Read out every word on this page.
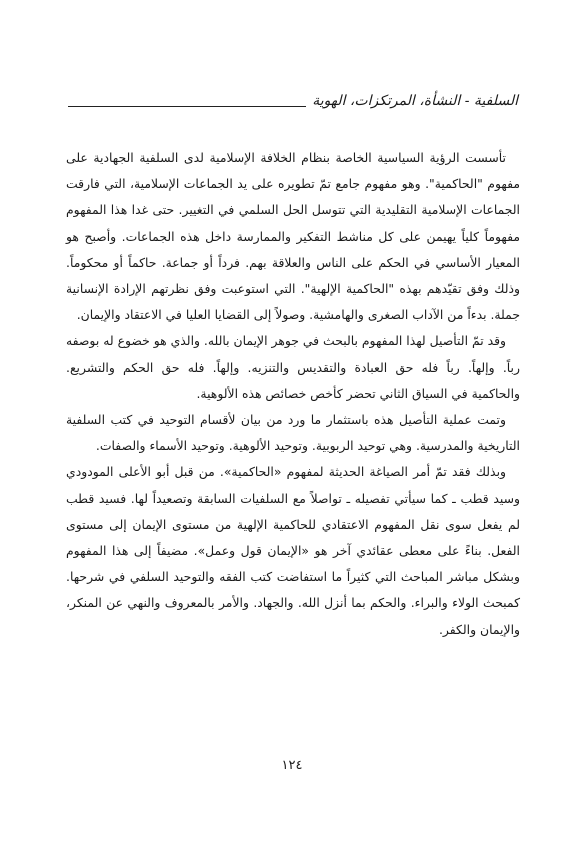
السلفية - النشأة، المرتكزات، الهوية

تأسست الرؤية السياسية الخاصة بنظام الخلافة الإسلامية لدى السلفية الجهادية على مفهوم "الحاكمية". وهو مفهوم جامع تمّ تطويره على يد الجماعات الإسلامية، التي فارقت الجماعات الإسلامية التقليدية التي تتوسل الحل السلمي في التغيير. حتى غدا هذا المفهوم مفهوماً كلياً يهيمن على كل مناشط التفكير والممارسة داخل هذه الجماعات. وأصبح هو المعيار الأساسي في الحكم على الناس والعلاقة بهم. فرداً أو جماعة. حاكماً أو محكوماً. وذلك وفق تقيّدهم بهذه "الحاكمية الإلهية". التي استوعبت وفق نظرتهم الإرادة الإنسانية جملة. بدءاً من الآداب الصغرى والهامشية. وصولاً إلى القضايا العليا في الاعتقاد والإيمان.

وقد تمّ التأصيل لهذا المفهوم بالبحث في جوهر الإيمان بالله. والذي هو خضوع له بوصفه رباً. وإلهاً. رباً فله حق العبادة والتقديس والتنزيه. وإلهاً. فله حق الحكم والتشريع. والحاكمية في السياق الثاني تحضر كأخص خصائص هذه الألوهية.

وتمت عملية التأصيل هذه باستثمار ما ورد من بيان لأقسام التوحيد في كتب السلفية التاريخية والمدرسية. وهي توحيد الربوبية. وتوحيد الألوهية. وتوحيد الأسماء والصفات.

وبذلك فقد تمّ أمر الصياغة الحديثة لمفهوم «الحاكمية». من قبل أبو الأعلى المودودي وسيد قطب ـ كما سيأتي تفصيله ـ تواصلاً مع السلفيات السابقة وتصعيداً لها. فسيد قطب لم يفعل سوى نقل المفهوم الاعتقادي للحاكمية الإلهية من مستوى الإيمان إلى مستوى الفعل. بناءً على معطى عقائدي آخر هو «الإيمان قول وعمل». مضيفاً إلى هذا المفهوم وبشكل مباشر المباحث التي كثيراً ما استفاضت كتب الفقه والتوحيد السلفي في شرحها. كمبحث الولاء والبراء. والحكم بما أنزل الله. والجهاد. والأمر بالمعروف والنهي عن المنكر، والإيمان والكفر.

١٢٤
